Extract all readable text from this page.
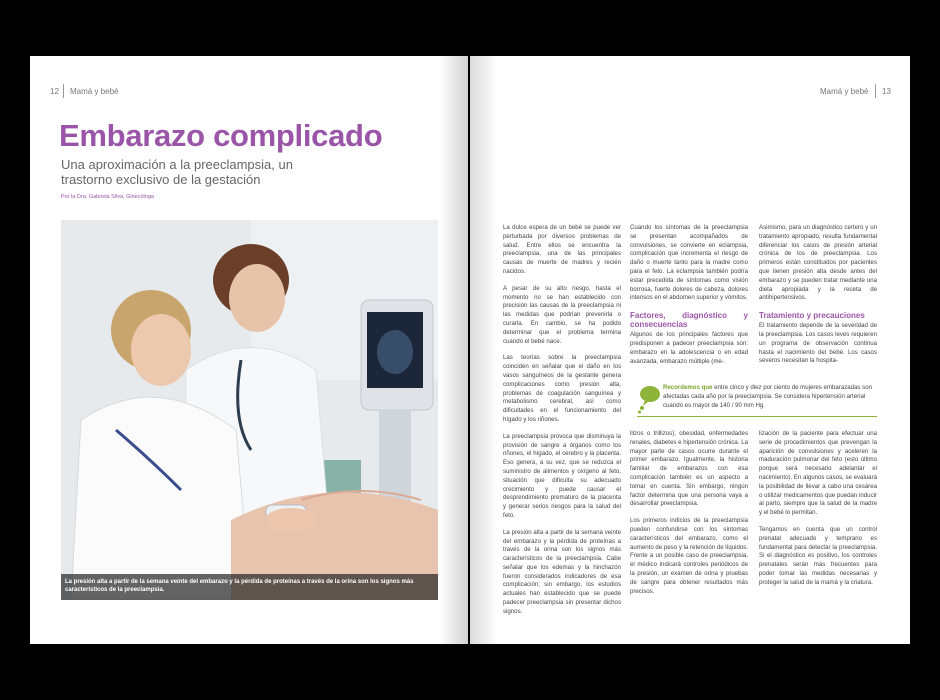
12 Mamá y bebé
Embarazo complicado
Una aproximación a la preeclampsia, un trastorno exclusivo de la gestación
Por la Dra. Gabriela Silva, Ginecóloga
La presión alta a partir de la semana veinte del embarazo y la pérdida de proteínas a través de la orina son los signos más característicos de la preeclampsia.
Mamá y bebé 13

La dulce espera de un bebé se puede ver perturbada por diversos problemas de salud. Entre ellos se encuentra la preeclampsia, una de las principales causas de muerte de madres y recién nacidos.

A pesar de su alto riesgo, hasta el momento no se han establecido con precisión las causas de la preeclampsia ni las medidas que podrían prevenirla o curarla. En cambio, se ha podido determinar que el problema termina cuando el bebé nace.

Las teorías sobre la preeclampsia coinciden en señalar que el daño en los vasos sanguíneos de la gestante genera complicaciones como presión alta, problemas de coagulación sanguínea y metabolismo cerebral, así como dificultades en el funcionamiento del hígado y los riñones.

La preeclampsia provoca que disminuya la provisión de sangre a órganos como los riñones, el hígado, el cerebro y la placenta. Eso genera, a su vez, que se reduzca el suministro de alimentos y oxígeno al feto, situación que dificulta su adecuado crecimiento y puede causar el desprendimiento prematuro de la placenta y generar serios riesgos para la salud del feto.

La presión alta a partir de la semana veinte del embarazo y la pérdida de proteínas a través de la orina son los signos más característicos de la preeclampsia. Cabe señalar que los edemas y la hinchazón fueron considerados indicadores de esa complicación; sin embargo, los estudios actuales han establecido que se puede padecer preeclampsia sin presentar dichos signos.

Cuando los síntomas de la preeclampsia se presentan acompañados de convulsiones, se convierte en eclampsia, complicación que incrementa el riesgo de daño o muerte tanto para la madre como para el feto. La eclampsia también podría estar precedida de síntomas como visión borrosa, fuerte dolores de cabeza, dolores intensos en el abdomen superior y vómitos.

Factores, diagnóstico y consecuencias

Algunos de los principales factores que predisponen a padecer preeclampsia son: embarazo en la adolescencia o en edad avanzada, embarazo múltiple (me-

Asimismo, para un diagnóstico certero y un tratamiento apropiado, resulta fundamental diferenciar los casos de presión arterial crónica de los de preeclampsia. Los primeros están constituidos por pacientes que tienen presión alta desde antes del embarazo y se pueden tratar mediante una dieta apropiada y la receta de antihipertensivos.

Tratamiento y precauciones

El tratamiento depende de la severidad de la preeclampsia. Los casos leves requieren un programa de observación continua hasta el nacimiento del bebé. Los casos severos necesitan la hospita-

Recordemos que entre cinco y diez por ciento de mujeres embarazadas son afectadas cada año por la preeclampsia. Se considera hipertensión arterial cuando es mayor de 140 / 90 mm Hg.

llizos o trillizos), obesidad, enfermedades renales, diabetes e hipertensión crónica. La mayor parte de casos ocurre durante el primer embarazo. Igualmente, la historia familiar de embarazos con esa complicación también es un aspecto a tomar en cuenta. Sin embargo, ningún factor determina que una persona vaya a desarrollar preeclampsia.

Los primeros indicios de la preeclampsia pueden confundirse con los síntomas característicos del embarazo, como el aumento de peso y la retención de líquidos. Frente a un posible caso de preeclampsia, el médico indicará controles periódicos de la presión, un examen de orina y pruebas de sangre para obtener resultados más precisos.

lización de la paciente para efectuar una serie de procedimientos que prevengan la aparición de convulsiones y aceleren la maduración pulmonar del feto (esto último porque será necesario adelantar el nacimiento). En algunos casos, se evaluará la posibilidad de llevar a cabo una cesárea o utilizar medicamentos que puedan inducir al parto, siempre que la salud de la madre y el bebé lo permitan.

Tengamos en cuenta que un control prenatal adecuado y temprano es fundamental para detectar la preeclampsia. Si el diagnóstico es positivo, los controles prenatales serán más frecuentes para poder tomar las medidas necesarias y proteger la salud de la mamá y la criatura.
